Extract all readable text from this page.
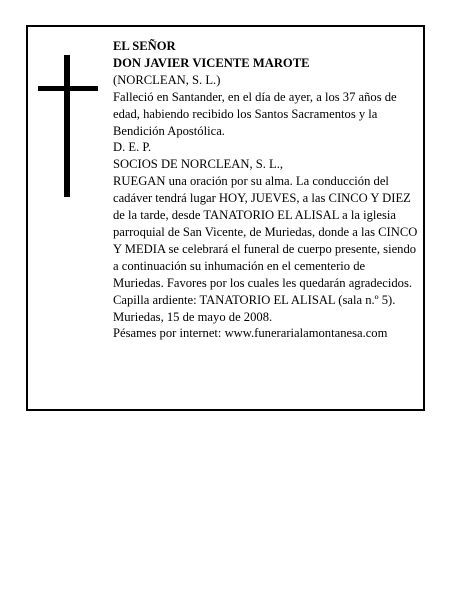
EL SEÑOR

DON JAVIER VICENTE MAROTE

(NORCLEAN, S. L.)

Falleció en Santander, en el día de ayer, a los 37 años de edad, habiendo recibido los Santos Sacramentos y la Bendición Apostólica.

D. E. P.

SOCIOS DE NORCLEAN, S. L.,

RUEGAN una oración por su alma. La conducción del cadáver tendrá lugar HOY, JUEVES, a las CINCO Y DIEZ de la tarde, desde TANATORIO EL ALISAL a la iglesia parroquial de San Vicente, de Muriedas, donde a las CINCO Y MEDIA se celebrará el funeral de cuerpo presente, siendo a continuación su inhumación en el cementerio de Muriedas. Favores por los cuales les quedarán agradecidos. Capilla ardiente: TANATORIO EL ALISAL (sala n.º 5).

Muriedas, 15 de mayo de 2008.

Pésames por internet: www.funerarialamontanesa.com
